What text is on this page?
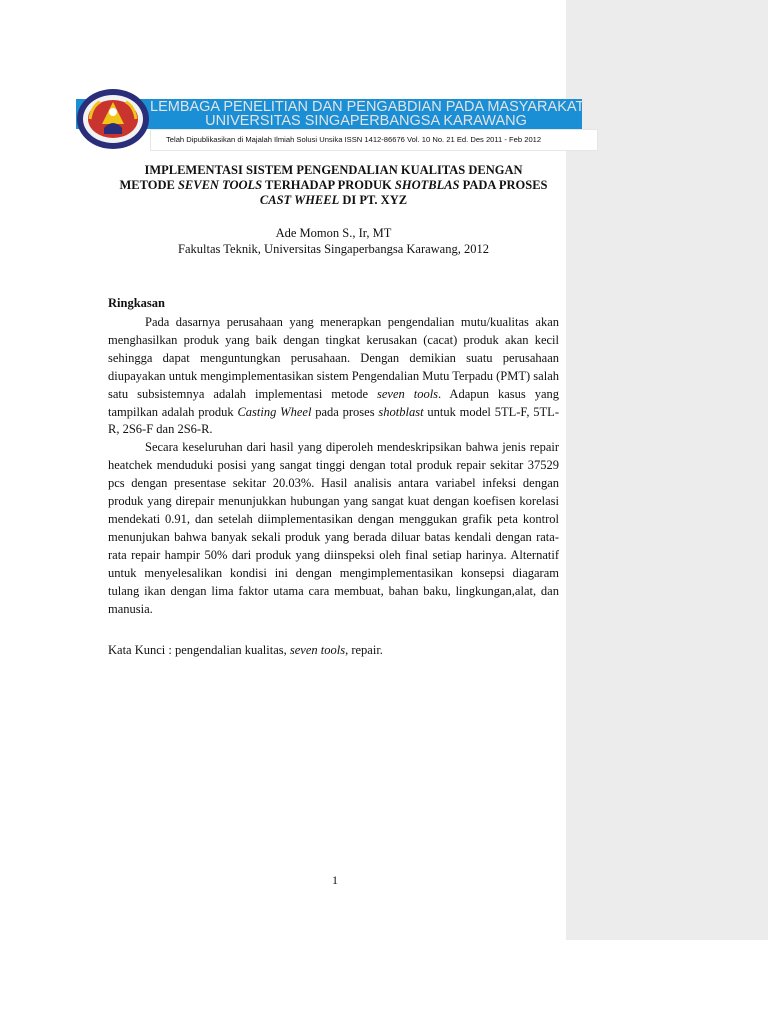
LEMBAGA PENELITIAN DAN PENGABDIAN PADA MASYARAKAT
UNIVERSITAS SINGAPERBANGSA KARAWANG
Telah Dipublikasikan di Majalah Ilmiah Solusi Unsika ISSN 1412-86676 Vol. 10 No. 21 Ed. Des 2011 - Feb 2012
IMPLEMENTASI SISTEM PENGENDALIAN KUALITAS DENGAN
METODE SEVEN TOOLS TERHADAP PRODUK SHOTBLAS PADA PROSES
CAST WHEEL DI PT. XYZ
Ade Momon S., Ir, MT
Fakultas Teknik, Universitas Singaperbangsa Karawang, 2012
Ringkasan

Pada dasarnya perusahaan yang menerapkan pengendalian mutu/kualitas akan menghasilkan produk yang baik dengan tingkat kerusakan (cacat) produk akan kecil sehingga dapat menguntungkan perusahaan. Dengan demikian suatu perusahaan diupayakan untuk mengimplementasikan sistem Pengendalian Mutu Terpadu (PMT) salah satu subsistemnya adalah implementasi metode seven tools. Adapun kasus yang tampilkan adalah produk Casting Wheel pada proses shotblast untuk model 5TL-F, 5TL-R, 2S6-F dan 2S6-R.

Secara keseluruhan dari hasil yang diperoleh mendeskripsikan bahwa jenis repair heatchek menduduki posisi yang sangat tinggi dengan total produk repair sekitar 37529 pcs dengan presentase sekitar 20.03%. Hasil analisis antara variabel infeksi dengan produk yang direpair menunjukkan hubungan yang sangat kuat dengan koefisen korelasi mendekati 0.91, dan setelah diimplementasikan dengan menggukan grafik peta kontrol menunjukan bahwa banyak sekali produk yang berada diluar batas kendali dengan rata-rata repair hampir 50% dari produk yang diinspeksi oleh final setiap harinya. Alternatif untuk menyelesalikan kondisi ini dengan mengimplementasikan konsepsi diagaram tulang ikan dengan lima faktor utama cara membuat, bahan baku, lingkungan,alat, dan manusia.

Kata Kunci : pengendalian kualitas, seven tools, repair.
1
